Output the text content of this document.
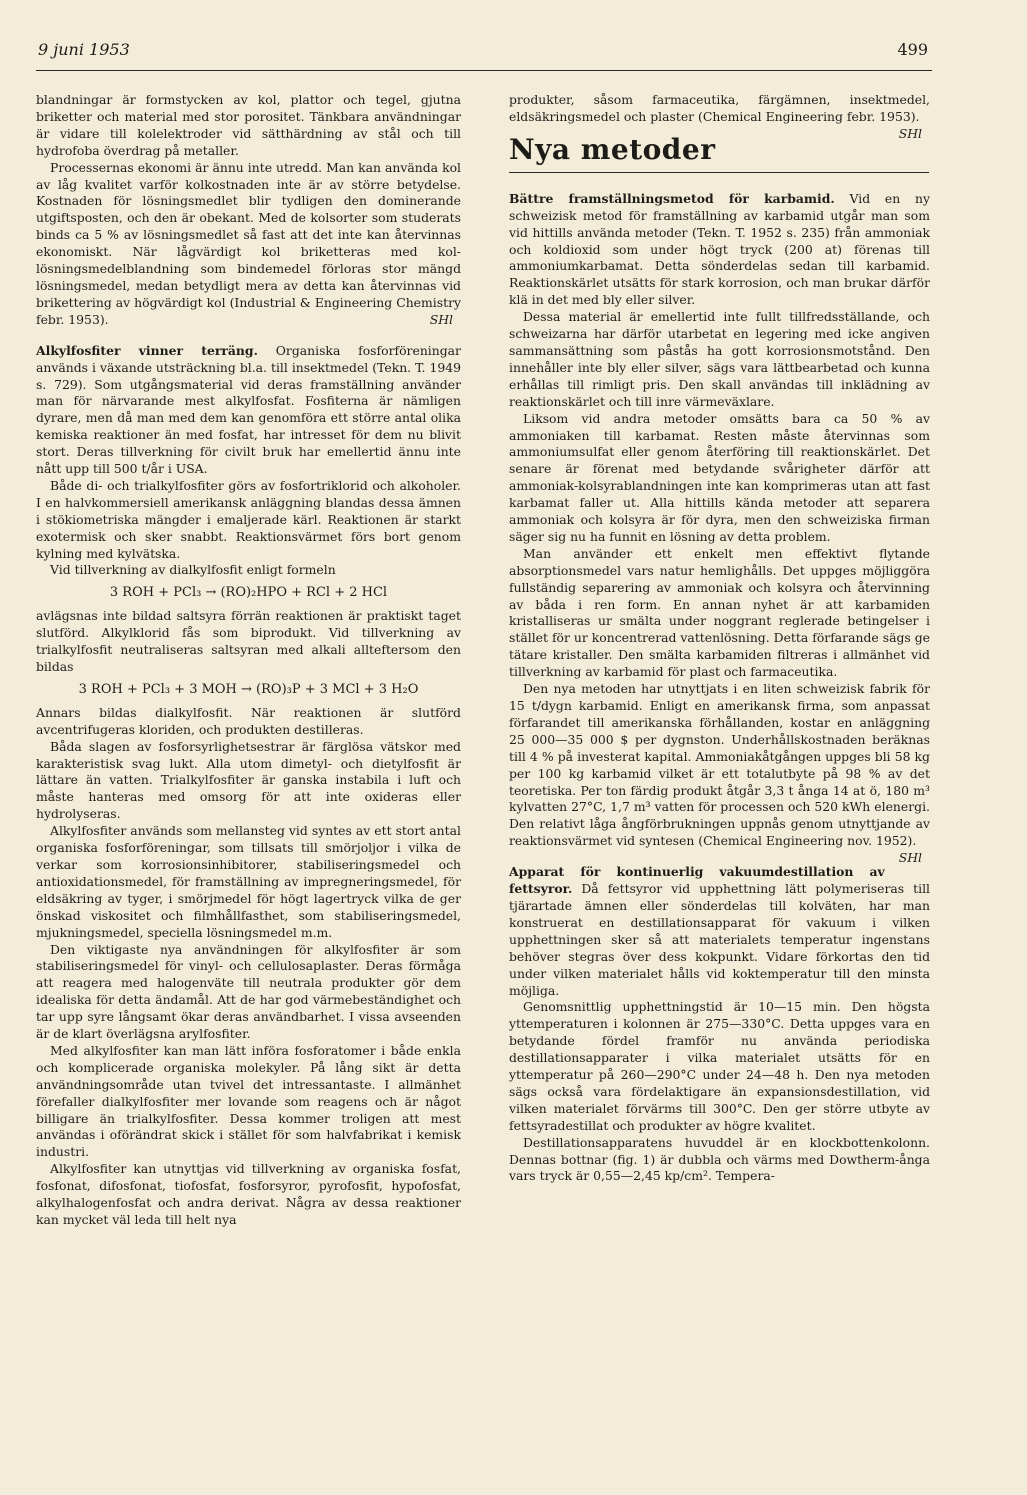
9 juni 1953	499

blandningar är formstycken av kol, plattor och tegel, gjutna briketter och material med stor porositet. Tänkbara användningar är vidare till kolelektroder vid sätthärdning av stål och till hydrofoba överdrag på metaller.

Processernas ekonomi är ännu inte utredd. Man kan använda kol av låg kvalitet varför kolkostnaden inte är av större betydelse. Kostnaden för lösningsmedlet blir tydligen den dominerande utgiftsposten, och den är obekant. Med de kolsorter som studerats binds ca 5 % av lösningsmedlet så fast att det inte kan återvinnas ekonomiskt. När lågvärdigt kol briketteras med kol-lösningsmedelblandning som bindemedel förloras stor mängd lösningsmedel, medan betydligt mera av detta kan återvinnas vid brikettering av högvärdigt kol (Industrial & Engineering Chemistry febr. 1953).	SHl

Alkylfosfiter vinner terräng. Organiska fosforföreningar används i växande utsträckning bl.a. till insektmedel (Tekn. T. 1949 s. 729). Som utgångsmaterial vid deras framställning använder man för närvarande mest alkylfosfat. Fosfiterna är nämligen dyrare, men då man med dem kan genomföra ett större antal olika kemiska reaktioner än med fosfat, har intresset för dem nu blivit stort. Deras tillverkning för civilt bruk har emellertid ännu inte nått upp till 500 t/år i USA.

Både di- och trialkylfosfiter görs av fosfortriklorid och alkoholer. I en halvkommersiell amerikansk anläggning blandas dessa ämnen i stökiometriska mängder i emaljerade kärl. Reaktionen är starkt exotermisk och sker snabbt. Reaktionsvärmet förs bort genom kylning med kylvätska.

Vid tillverkning av dialkylfosfit enligt formeln

3 ROH + PCl₃ → (RO)₂HPO + RCl + 2 HCl

avlägsnas inte bildad saltsyra förrän reaktionen är praktiskt taget slutförd. Alkylklorid fås som biprodukt. Vid tillverkning av trialkylfosfit neutraliseras saltsyran med alkali allteftersom den bildas

3 ROH + PCl₃ + 3 MOH → (RO)₃P + 3 MCl + 3 H₂O

Annars bildas dialkylfosfit. När reaktionen är slutförd avcentrifugeras kloriden, och produkten destilleras.

Båda slagen av fosforsyrlighetsestrar är färglösa vätskor med karakteristisk svag lukt. Alla utom dimetyl- och dietylfosfit är lättare än vatten. Trialkylfosfiter är ganska instabila i luft och måste hanteras med omsorg för att inte oxideras eller hydrolyseras.

Alkylfosfiter används som mellansteg vid syntes av ett stort antal organiska fosforföreningar, som tillsats till smörjoljor i vilka de verkar som korrosionsinhibitorer, stabiliseringsmedel och antioxidationsmedel, för framställning av impregneringsmedel, för eldsäkring av tyger, i smörjmedel för högt lagertryck vilka de ger önskad viskositet och filmhållfasthet, som stabiliseringsmedel, mjukningsmedel, speciella lösningsmedel m.m.

Den viktigaste nya användningen för alkylfosfiter är som stabiliseringsmedel för vinyl- och cellulosaplaster. Deras förmåga att reagera med halogenväte till neutrala produkter gör dem idealiska för detta ändamål. Att de har god värmebeständighet och tar upp syre långsamt ökar deras användbarhet. I vissa avseenden är de klart överlägsna arylfosfiter.

Med alkylfosfiter kan man lätt införa fosforatomer i både enkla och komplicerade organiska molekyler. På lång sikt är detta användningsområde utan tvivel det intressantaste. I allmänhet förefaller dialkylfosfiter mer lovande som reagens och är något billigare än trialkylfosfiter. Dessa kommer troligen att mest användas i oförändrat skick i stället för som halvfabrikat i kemisk industri.

Alkylfosfiter kan utnyttjas vid tillverkning av organiska fosfat, fosfonat, difosfonat, tiofosfat, fosforsyror, pyrofosfit, hypofosfat, alkylhalogenfosfat och andra derivat. Några av dessa reaktioner kan mycket väl leda till helt nya

produkter, såsom farmaceutika, färgämnen, insektmedel, eldsäkringsmedel och plaster (Chemical Engineering febr. 1953).
SHl

Nya metoder

Bättre framställningsmetod för karbamid. Vid en ny schweizisk metod för framställning av karbamid utgår man som vid hittills använda metoder (Tekn. T. 1952 s. 235) från ammoniak och koldioxid som under högt tryck (200 at) förenas till ammoniumkarbamat. Detta sönderdelas sedan till karbamid. Reaktionskärlet utsätts för stark korrosion, och man brukar därför klä in det med bly eller silver.

Dessa material är emellertid inte fullt tillfredsställande, och schweizarna har därför utarbetat en legering med icke angiven sammansättning som påstås ha gott korrosionsmotstånd. Den innehåller inte bly eller silver, sägs vara lättbearbetad och kunna erhållas till rimligt pris. Den skall användas till inklädning av reaktionskärlet och till inre värmeväxlare.

Liksom vid andra metoder omsätts bara ca 50 % av ammoniaken till karbamat. Resten måste återvinnas som ammoniumsulfat eller genom återföring till reaktionskärlet. Det senare är förenat med betydande svårigheter därför att ammoniak-kolsyrablandningen inte kan komprimeras utan att fast karbamat faller ut. Alla hittills kända metoder att separera ammoniak och kolsyra är för dyra, men den schweiziska firman säger sig nu ha funnit en lösning av detta problem.

Man använder ett enkelt men effektivt flytande absorptionsmedel vars natur hemlighålls. Det uppges möjliggöra fullständig separering av ammoniak och kolsyra och återvinning av båda i ren form. En annan nyhet är att karbamiden kristalliseras ur smälta under noggrant reglerade betingelser i stället för ur koncentrerad vattenlösning. Detta förfarande sägs ge tätare kristaller. Den smälta karbamiden filtreras i allmänhet vid tillverkning av karbamid för plast och farmaceutika.

Den nya metoden har utnyttjats i en liten schweizisk fabrik för 15 t/dygn karbamid. Enligt en amerikansk firma, som anpassat förfarandet till amerikanska förhållanden, kostar en anläggning 25 000—35 000 $ per dygnston. Underhållskostnaden beräknas till 4 % på investerat kapital. Ammoniakåtgången uppges bli 58 kg per 100 kg karbamid vilket är ett totalutbyte på 98 % av det teoretiska. Per ton färdig produkt åtgår 3,3 t ånga 14 at ö, 180 m³ kylvatten 27°C, 1,7 m³ vatten för processen och 520 kWh elenergi. Den relativt låga ångförbrukningen uppnås genom utnyttjande av reaktionsvärmet vid syntesen (Chemical Engineering nov. 1952).
SHl

Apparat för kontinuerlig vakuumdestillation av fettsyror. Då fettsyror vid upphettning lätt polymeriseras till tjärartade ämnen eller sönderdelas till kolväten, har man konstruerat en destillationsapparat för vakuum i vilken upphettningen sker så att materialets temperatur ingenstans behöver stegras över dess kokpunkt. Vidare förkortas den tid under vilken materialet hålls vid koktemperatur till den minsta möjliga.

Genomsnittlig upphettningstid är 10—15 min. Den högsta yttemperaturen i kolonnen är 275—330°C. Detta uppges vara en betydande fördel framför nu använda periodiska destillationsapparater i vilka materialet utsätts för en yttemperatur på 260—290°C under 24—48 h. Den nya metoden sägs också vara fördelaktigare än expansionsdestillation, vid vilken materialet förvärms till 300°C. Den ger större utbyte av fettsyradestillat och produkter av högre kvalitet.

Destillationsapparatens huvuddel är en klockbottenkolonn. Dennas bottnar (fig. 1) är dubbla och värms med Dowtherm-ånga vars tryck är 0,55—2,45 kp/cm². Tempera-
